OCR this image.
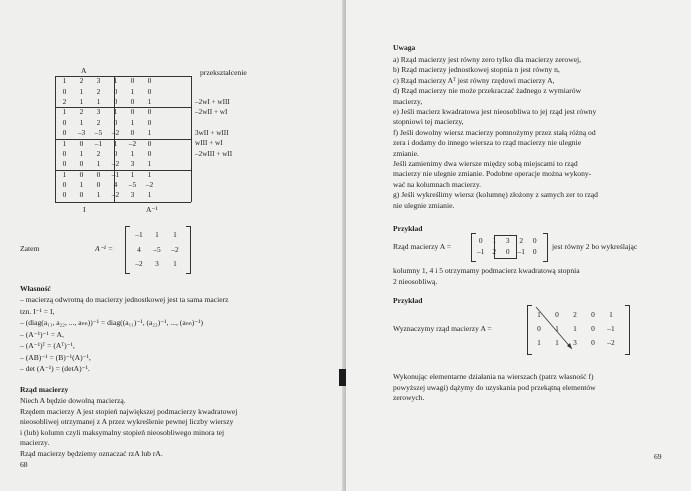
A	przekształcenie
1	2	3	1	0	0
0	1	2	0	1	0
2	1	1	0	0	1
1	2	3	1	0	0
0	1	2	0	1	0
0	–3	–5	–2	0	1
1	0	–1	1	–2	0
0	1	2	0	1	0
0	0	1	–2	3	1
1	0	0	–1	1	1
0	1	0	4	–5	–2
0	0	1	–2	3	1
–2wI + wIII
–2wII + wI
3wII + wIII
wIII + wI
–2wIII + wII
I	A⁻¹
Zatem	A⁻¹ =
–1	1	1
4	–5	–2
–2	3	1
Własność
– macierzą odwrotną do macierzy jednostkowej jest ta sama macierz
tzn. I⁻¹ = I,
– (diag(a₁₁, a₂₂, ..., aₙₙ))⁻¹ = diag((a₁₁)⁻¹, (a₂₂)⁻¹, ..., (aₙₙ)⁻¹)
– (A⁻¹)⁻¹ = A,
– (A⁻¹)ᵀ = (Aᵀ)⁻¹,
– (AB)⁻¹ = (B)⁻¹(A)⁻¹,
– det (A⁻¹) = (detA)⁻¹.
Rząd macierzy
Niech A będzie dowolną macierzą.
Rzędem macierzy A jest stopień największej podmacierzy kwadratowej
nieosobliwej otrzymanej z A przez wykreślenie pewnej liczby wierszy
i (lub) kolumn czyli maksymalny stopień nieosobliwego minora tej
macierzy.
Rząd macierzy będziemy oznaczać rzA lub rA.
68
Uwaga
a) Rząd macierzy jest równy zero tylko dla macierzy zerowej,
b) Rząd macierzy jednostkowej stopnia n jest równy n,
c) Rząd macierzy Aᵀ jest równy rzędowi macierzy A,
d) Rząd macierzy nie może przekraczać żadnego z wymiarów
macierzy,
e) Jeśli macierz kwadratowa jest nieosobliwa to jej rząd jest równy
stopniowi tej macierzy,
f) Jeśli dowolny wiersz macierzy pomnożymy przez stałą różną od
zera i dodamy do innego wiersza to rząd macierzy nie ulegnie
zmianie.
Jeśli zamienimy dwa wiersze między sobą miejscami to rząd
macierzy nie ulegnie zmianie. Podobne operacje można wykony-
wać na kolumnach macierzy.
g) Jeśli wykreślimy wiersz (kolumnę) złożony z samych zer to rząd
nie ulegnie zmianie.
Przykład
Rząd macierzy A =
0	1	3	2	0
–1	2	0	–1	0 jest równy 2 bo wykreślając
kolumny 1, 4 i 5 otrzymamy podmacierz kwadratową stopnia
2 nieosobliwą.
Przykład
Wyznaczymy rząd macierzy A =
1	0	2	0	1
0	1	1	0	–1
1	1	3	0	–2
Wykonując elementarne działania na wierszach (patrz własność f)
powyższej uwagi) dążymy do uzyskania pod przekątną elementów
zerowych.
69
